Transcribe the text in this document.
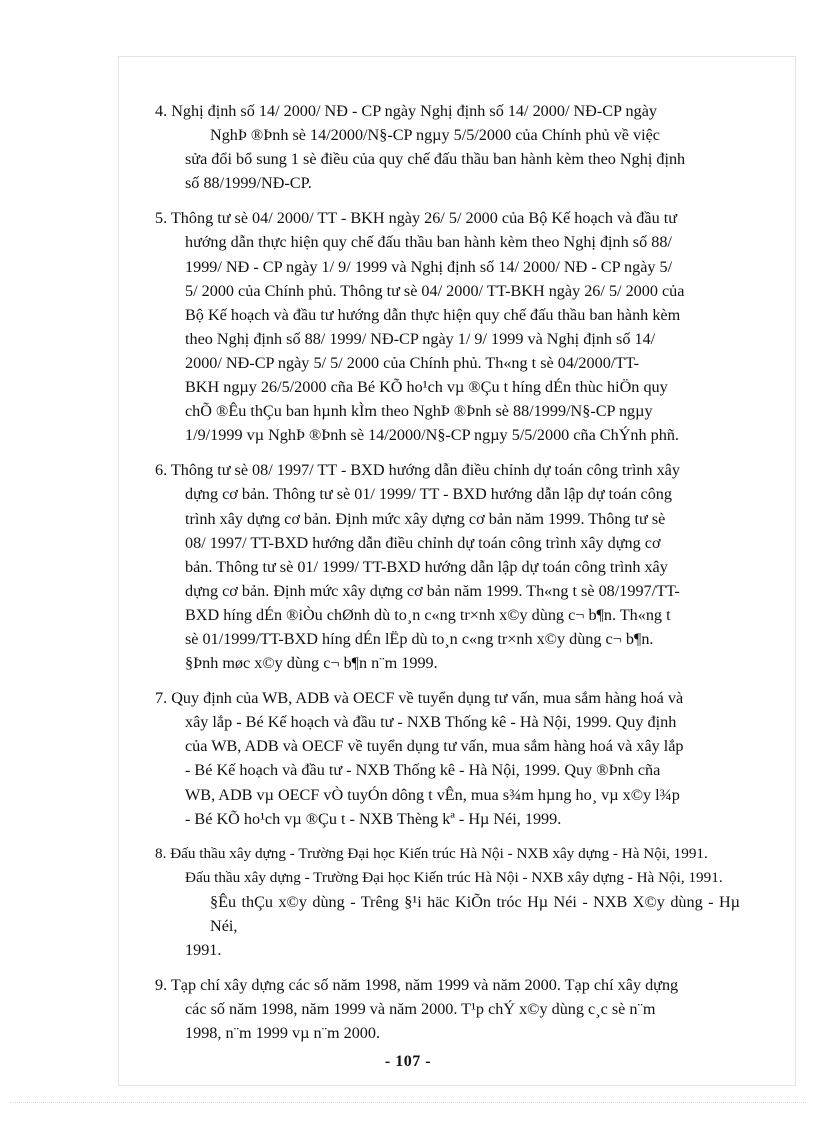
4. Nghị định số 14/ 2000/ NĐ - CP ngày Nghị định số 14/ 2000/ NĐ-CP ngày
NghÞ ®Þnh sè 14/2000/N§-CP ngµy 5/5/2000 của Chính phủ về việc
sửa đổi bổ sung 1 sè điều của quy chế đấu thầu ban hành kèm theo Nghị định
số 88/1999/NĐ-CP.
5. Thông tư sè 04/ 2000/ TT - BKH ngày 26/ 5/ 2000 của Bộ Kế hoạch và đầu tư
hướng dẫn thực hiện quy chế đấu thầu ban hành kèm theo Nghị định số 88/
1999/ NĐ - CP ngày 1/ 9/ 1999 và Nghị định số 14/ 2000/ NĐ - CP ngày 5/
5/ 2000 của Chính phủ. Thông tư sè 04/ 2000/ TT-BKH ngày 26/ 5/ 2000 của
Bộ Kế hoạch và đầu tư hướng dẫn thực hiện quy chế đấu thầu ban hành kèm
theo Nghị định số 88/ 1999/ NĐ-CP ngày 1/ 9/ 1999 và Nghị định số 14/
2000/ NĐ-CP ngày 5/ 5/ 2000 của Chính phủ. Th«ng t sè 04/2000/TT-
BKH ngµy 26/5/2000 cña Bé KÕ ho¹ch vµ ®Çu t híng dÉn thùc hiÖn quy
chÕ ®Êu thÇu ban hµnh kÌm theo NghÞ ®Þnh sè 88/1999/N§-CP ngµy
1/9/1999 vµ NghÞ ®Þnh sè 14/2000/N§-CP ngµy 5/5/2000 cña ChÝnh phñ.
6. Thông tư sè 08/ 1997/ TT - BXD hướng dẫn điều chỉnh dự toán công trình xây
dựng cơ bản. Thông tư sè 01/ 1999/ TT - BXD hướng dẫn lập dự toán công
trình xây dựng cơ bản. Định mức xây dựng cơ bản năm 1999. Thông tư sè
08/ 1997/ TT-BXD hướng dẫn điều chỉnh dự toán công trình xây dựng cơ
bản. Thông tư sè 01/ 1999/ TT-BXD hướng dẫn lập dự toán công trình xây
dựng cơ bản. Định mức xây dựng cơ bản năm 1999. Th«ng t sè 08/1997/TT-
BXD híng dÉn ®iÒu chØnh dù to¸n c«ng tr×nh x©y dùng c¬ b¶n. Th«ng t
sè 01/1999/TT-BXD híng dÉn lËp dù to¸n c«ng tr×nh x©y dùng c¬ b¶n.
§Þnh møc x©y dùng c¬ b¶n n¨m 1999.
7. Quy định của WB, ADB và OECF về tuyển dụng tư vấn, mua sắm hàng hoá và
xây lắp - Bé Kế hoạch và đầu tư - NXB Thống kê - Hà Nội, 1999. Quy định
của WB, ADB và OECF về tuyển dụng tư vấn, mua sắm hàng hoá và xây lắp
- Bé Kế hoạch và đầu tư - NXB Thống kê - Hà Nội, 1999. Quy ®Þnh cña
WB, ADB vµ OECF vÒ tuyÓn dông t vÊn, mua s¾m hµng ho¸ vµ x©y l¾p
- Bé KÕ ho¹ch vµ ®Çu t - NXB Thèng kª - Hµ Néi, 1999.
8. Đấu thầu xây dựng - Trường Đại học Kiến trúc Hà Nội - NXB xây dựng - Hà Nội, 1991.
Đấu thầu xây dựng - Trường Đại học Kiến trúc Hà Nội - NXB xây dựng - Hà Nội, 1991.
§Êu thÇu x©y dùng - Trêng §¹i häc KiÕn tróc Hµ Néi - NXB X©y dùng - Hµ Néi,
1991.
9. Tạp chí xây dựng các số năm 1998, năm 1999 và năm 2000. Tạp chí xây dựng
các số năm 1998, năm 1999 và năm 2000. T¹p chÝ x©y dùng c¸c sè n¨m
1998, n¨m 1999 vµ n¨m 2000.
- 107 -
